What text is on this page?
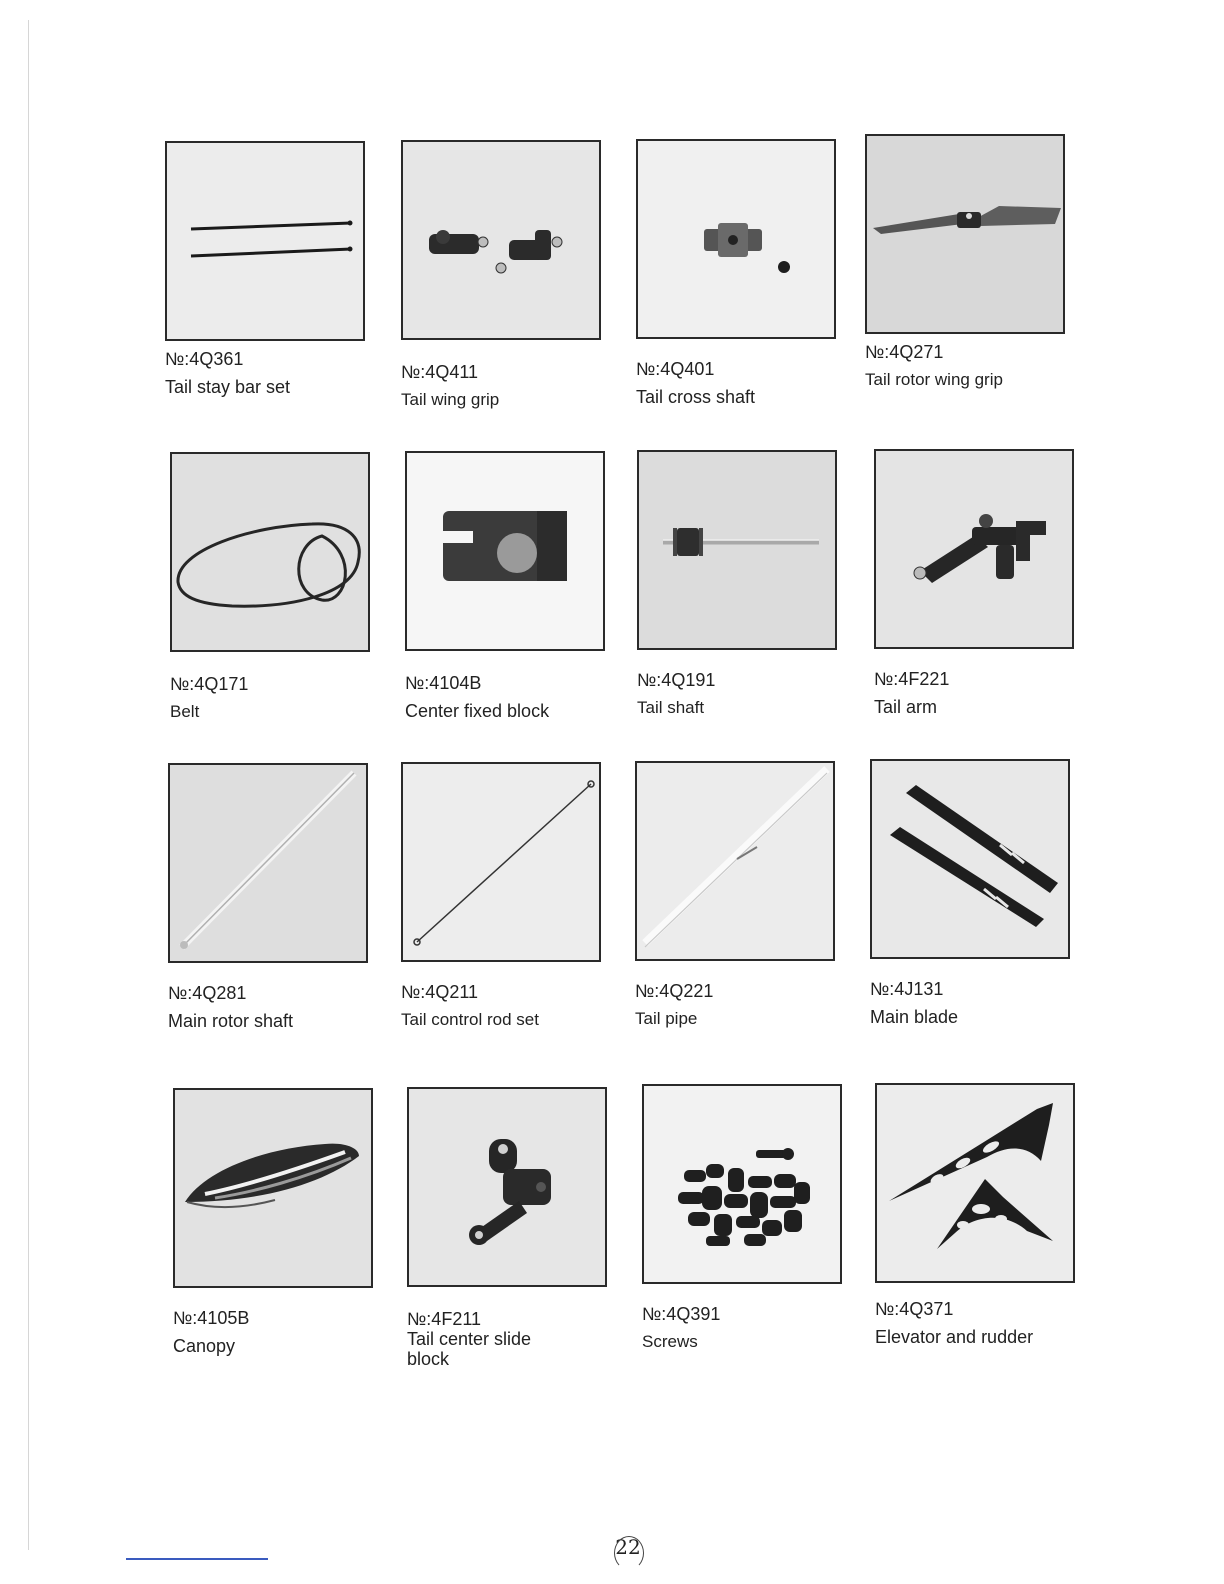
№:4Q361
Tail stay bar set
№:4Q411
Tail wing grip
№:4Q401
Tail cross shaft
№:4Q271
Tail rotor wing grip
№:4Q171
Belt
№:4104B
Center fixed block
№:4Q191
Tail shaft
№:4F221
Tail arm
№:4Q281
Main rotor shaft
№:4Q211
Tail control rod set
№:4Q221
Tail pipe
№:4J131
Main blade
№:4105B
Canopy
№:4F211
Tail center slide block
№:4Q391
Screws
№:4Q371
Elevator and rudder
22
